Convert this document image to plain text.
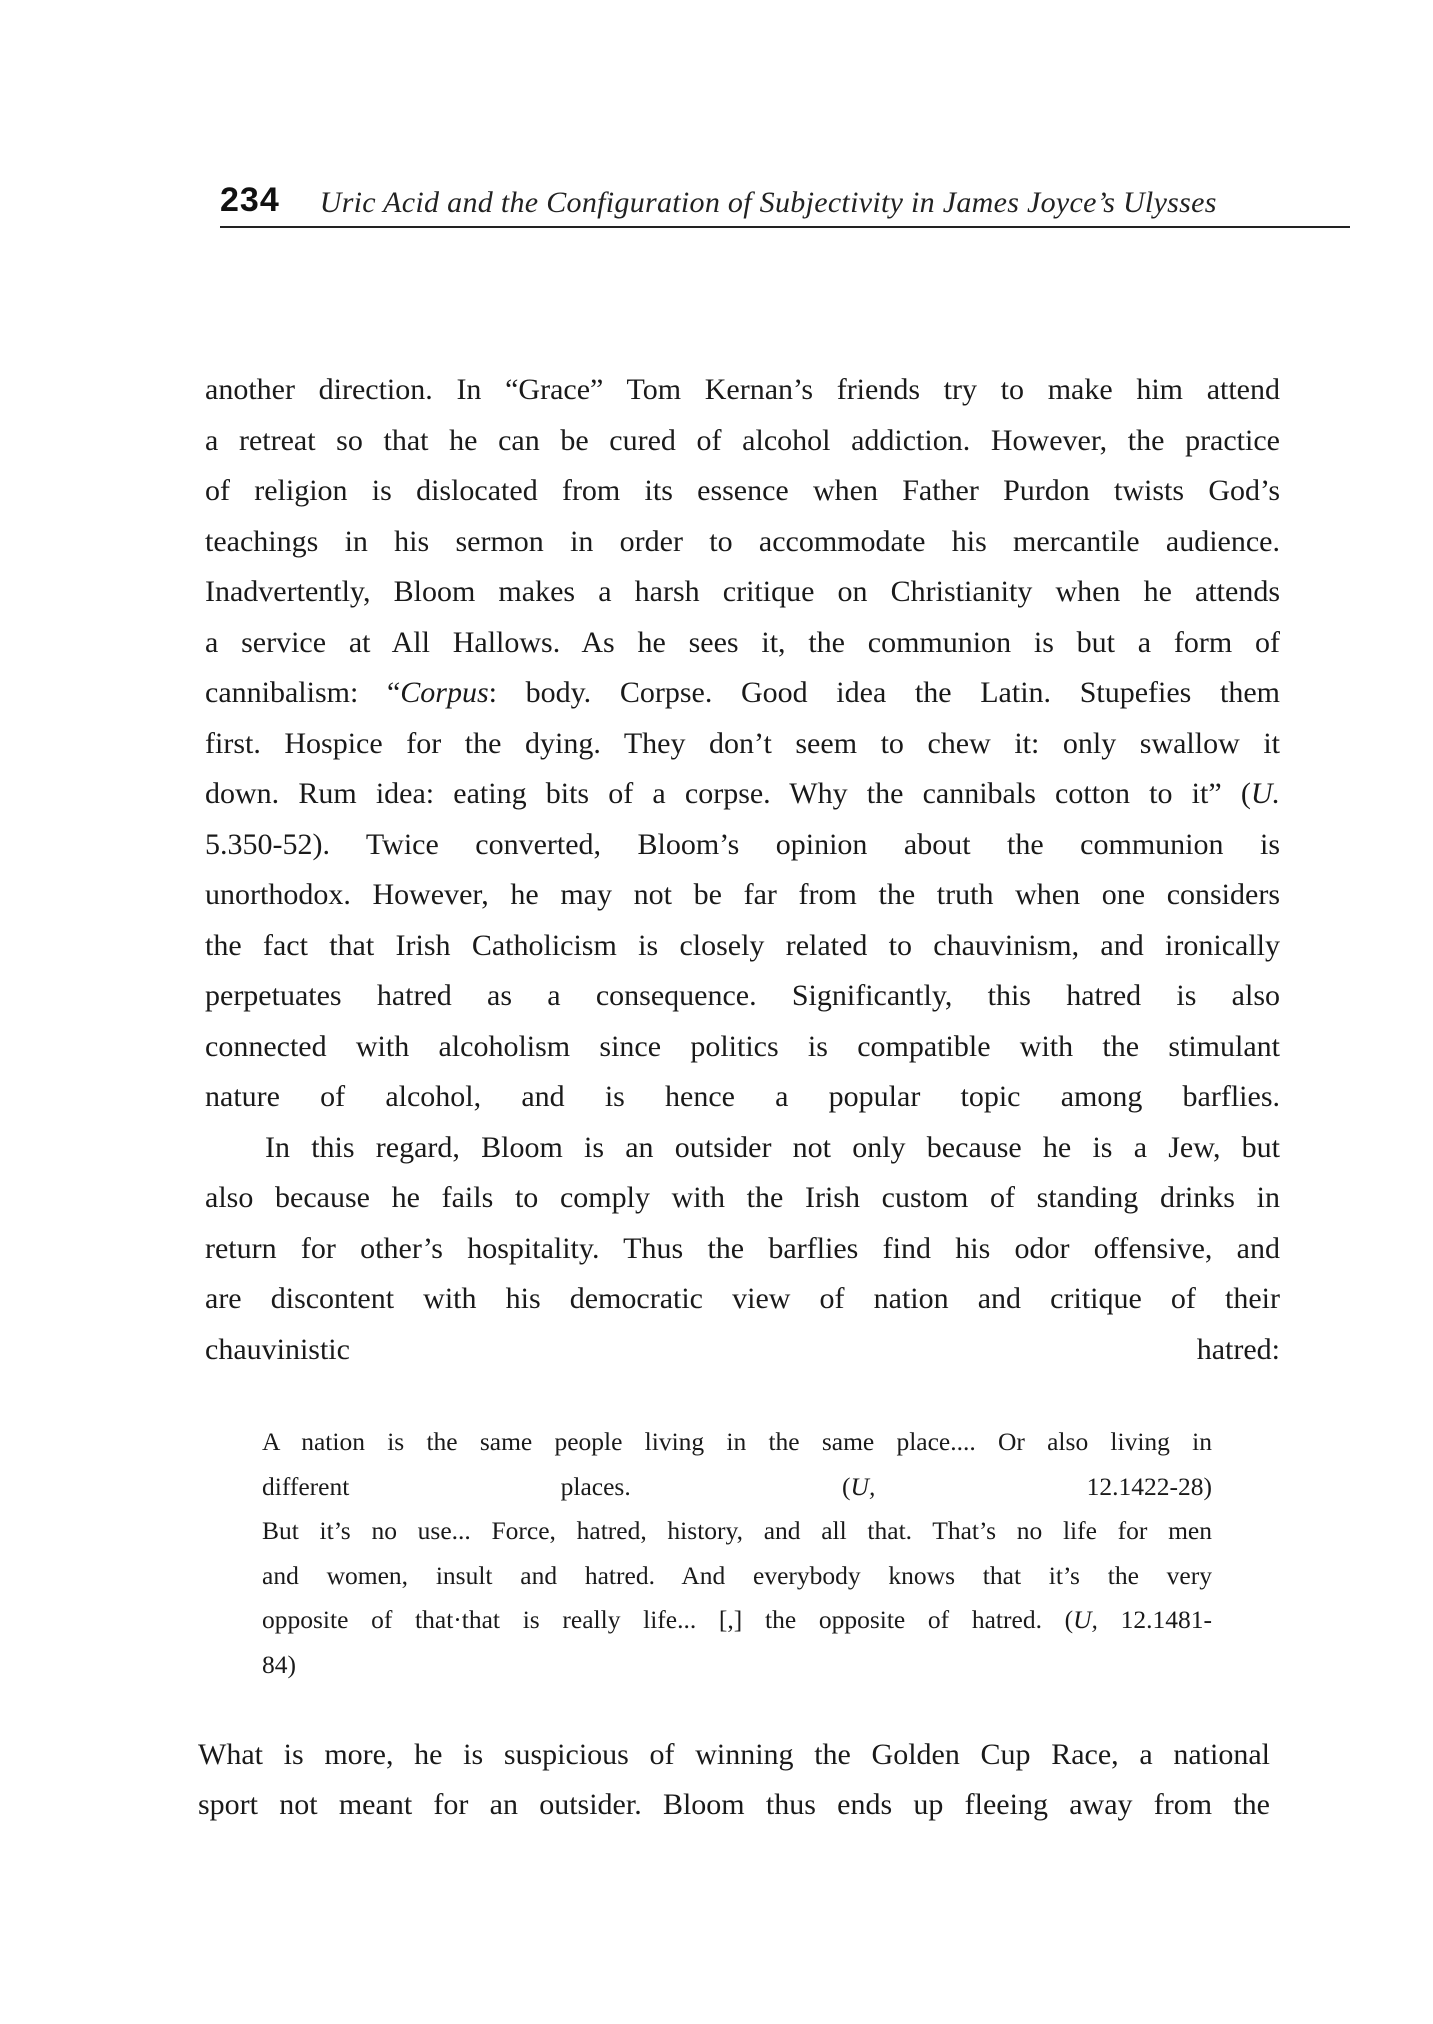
234 Uric Acid and the Configuration of Subjectivity in James Joyce’s Ulysses

another direction. In “Grace” Tom Kernan’s friends try to make him attend
a retreat so that he can be cured of alcohol addiction. However, the practice
of religion is dislocated from its essence when Father Purdon twists God’s
teachings in his sermon in order to accommodate his mercantile audience.
Inadvertently, Bloom makes a harsh critique on Christianity when he attends
a service at All Hallows. As he sees it, the communion is but a form of
cannibalism: “Corpus: body. Corpse. Good idea the Latin. Stupefies them
first. Hospice for the dying. They don’t seem to chew it: only swallow it
down. Rum idea: eating bits of a corpse. Why the cannibals cotton to it” (U.
5.350-52). Twice converted, Bloom’s opinion about the communion is
unorthodox. However, he may not be far from the truth when one considers
the fact that Irish Catholicism is closely related to chauvinism, and ironically
perpetuates hatred as a consequence. Significantly, this hatred is also
connected with alcoholism since politics is compatible with the stimulant
nature of alcohol, and is hence a popular topic among barflies.

In this regard, Bloom is an outsider not only because he is a Jew, but
also because he fails to comply with the Irish custom of standing drinks in
return for other’s hospitality. Thus the barflies find his odor offensive, and
are discontent with his democratic view of nation and critique of their
chauvinistic hatred:

A nation is the same people living in the same place.... Or also living in
different places. (U, 12.1422-28)

But it’s no use... Force, hatred, history, and all that. That’s no life for men
and women, insult and hatred. And everybody knows that it’s the very
opposite of that·that is really life... [,] the opposite of hatred. (U, 12.1481-
84)

What is more, he is suspicious of winning the Golden Cup Race, a national
sport not meant for an outsider. Bloom thus ends up fleeing away from the
